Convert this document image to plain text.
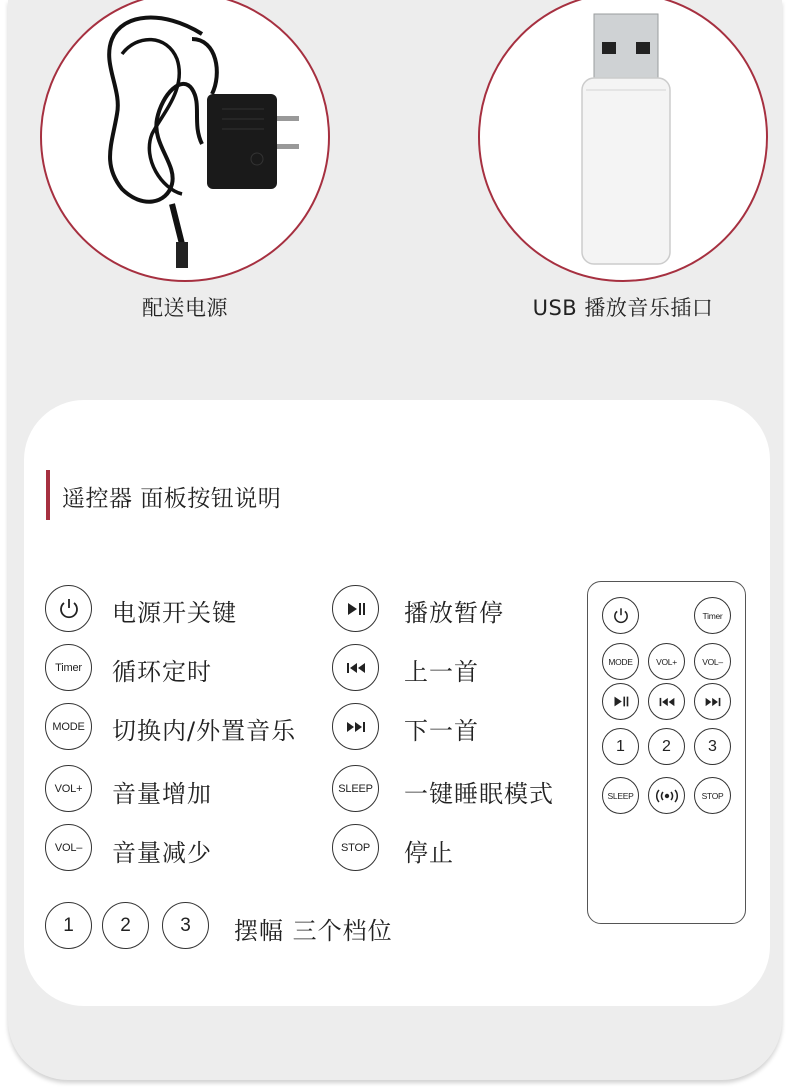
配送电源	USB 播放音乐插口
遥控器 面板按钮说明
电源开关键
Timer 循环定时
MODE 切换内/外置音乐
VOL+ 音量增加
VOL– 音量减少
播放暂停
上一首
下一首
SLEEP 一键睡眠模式
STOP 停止
1 2	3 摆幅 三个档位
Timer
MODE	VOL+	VOL–
1 2 3
SLEEP	STOP
